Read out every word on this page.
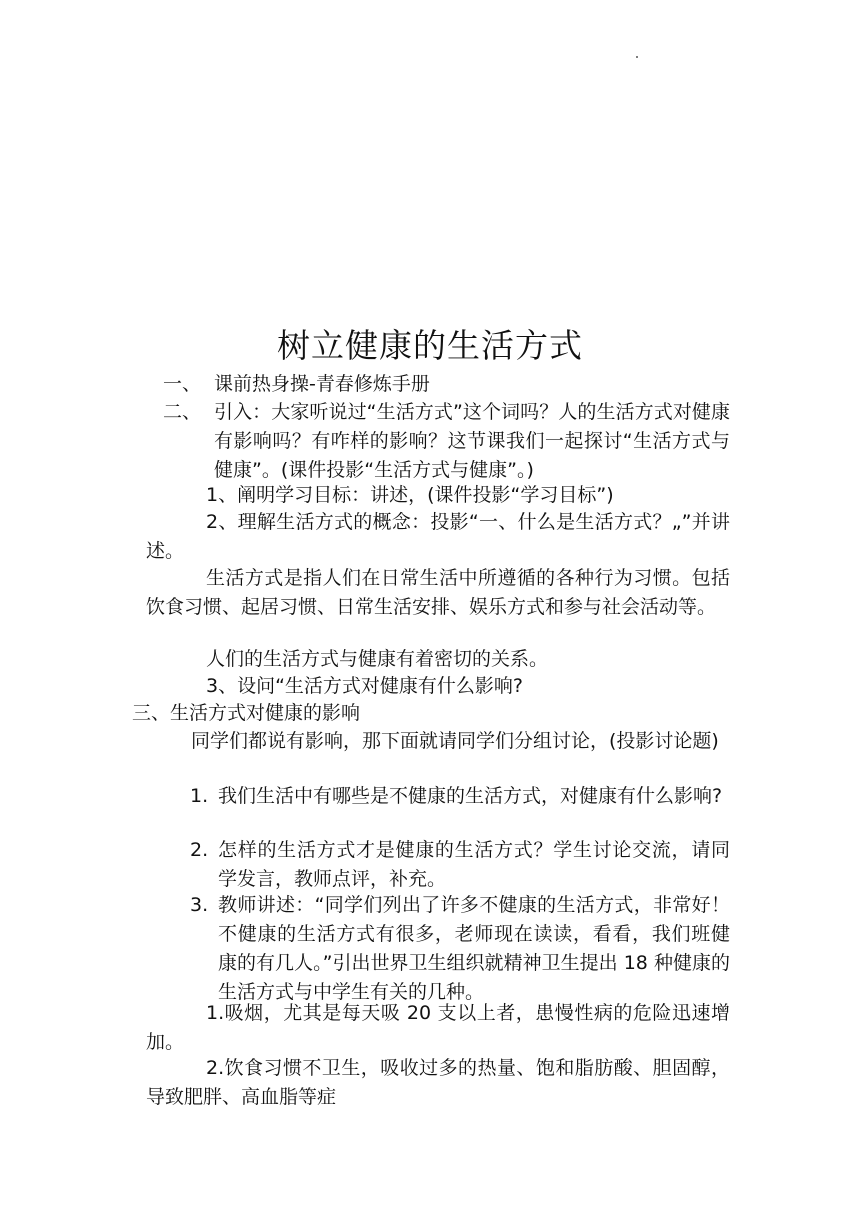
树立健康的生活方式
一、 课前热身操-青春修炼手册

二、 引入：大家听说过“生活方式”这个词吗？人的生活方式对健康有影响吗？有咋样的影响？这节课我们一起探讨“生活方式与健康”。(课件投影“生活方式与健康”。)

1、阐明学习目标：讲述，(课件投影“学习目标”)

2、理解生活方式的概念：投影“一、什么是生活方式？„”并讲述。

生活方式是指人们在日常生活中所遵循的各种行为习惯。包括饮食习惯、起居习惯、日常生活安排、娱乐方式和参与社会活动等。

人们的生活方式与健康有着密切的关系。

3、设问“生活方式对健康有什么影响?

三、生活方式对健康的影响

同学们都说有影响，那下面就请同学们分组讨论，(投影讨论题)

1. 我们生活中有哪些是不健康的生活方式，对健康有什么影响?

2. 怎样的生活方式才是健康的生活方式？学生讨论交流，请同学发言，教师点评，补充。

3. 教师讲述：“同学们列出了许多不健康的生活方式，非常好！不健康的生活方式有很多，老师现在读读，看看，我们班健康的有几人。”引出世界卫生组织就精神卫生提出 18 种健康的生活方式与中学生有关的几种。

1.吸烟，尤其是每天吸 20 支以上者，患慢性病的危险迅速增加。

2.饮食习惯不卫生，吸收过多的热量、饱和脂肪酸、胆固醇，导致肥胖、高血脂等症
